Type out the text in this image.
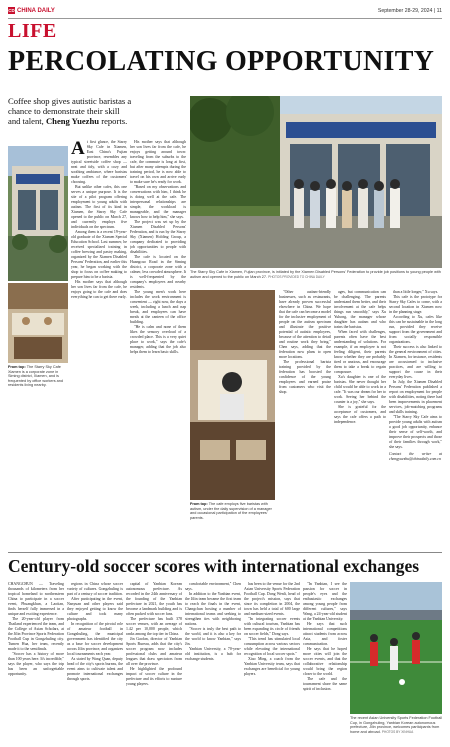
CD CHINA DAILY	September 28-29, 2024 | 11
LIFE
PERCOLATING OPPORTUNITY
Coffee shop gives autistic baristas a chance to demonstrate their skill and talent, Cheng Yuezhu reports.
From top: The Starry Sky Cafe Xiamen is a corporate zone in Siming district, Xiamen, and is frequented by office workers and residents living nearby.

At first glance, the Starry Sky Cafe in Xiamen, East China's Fujian province, resembles any typical streetside coffee shop — neat and tidy, with a cozy and soothing ambiance, where baristas make coffees of the customers' choosing.

But unlike other cafes, this one serves a unique purpose. It is the site of a pilot program offering employment to young adults with autism. The first of its kind in Xiamen, the Starry Sky Cafe opened to the public on March 27, and currently employs five individuals on the spectrum.

Among them is a recent 19-year-old graduate of the Xiamen Special Education School. Last summer, he received specialized training in coffee brewing and pastry making, organized by the Xiamen Disabled Persons' Federation, and earlier this year, he began working with the shop to focus on coffee making to prepare him to be a barista.

His mother says that although her son lives far from the cafe, he enjoys going to the cafe and does everything he can to get there early.

His mother says that although her son lives far from the cafe, he enjoys getting around town: traveling from the suburbs to the cafe, the commute is long at first, but after many attempts during the training period, he is now able to travel on his own and arrive early to make sure he's ready for work.

"Based on my observations and conversations with him, I think he is doing well at the cafe. The interpersonal relationships are simple, the workload is manageable, and the manager knows how to help him," she says.

The project was set up by the Xiamen Disabled Persons' Federation, and is run by the Starry Sky (Xiamen) Holding Group, a company dedicated to providing job opportunities to people with disabilities.

The cafe is located on the Huangcuo Road in the Siming district, a corporate zone with a calmer, less crowded atmosphere. It is well-frequented by the company's employees and nearby residents.

The young men's work here includes the work environment is convenient — right now, the days a week, including a lunch and nap break, and employees can have meals at the canteen of the office building.

"He is calm and none of them likes the sensory overload of a crowded place. This is a very quiet place to work," says the cafe's manager, adding that the job also helps them to learn basic skills.

The Starry Sky Cafe in Xiamen, Fujian province, is initiated by the Xiamen Disabled Persons' Federation to provide job positions to young people with autism and opened to the public on March 27. PHOTOS PROVIDED TO CHINA DAILY
From top: The cafe employs five baristas with autism, under the daily supervision of a manager and occasional participation of the employees' parents.

"Other autism-friendly businesses, such as restaurants, have already proven successful elsewhere in China. We hope that the cafe can become a model for the inclusive employment of people on the autism spectrum and illustrate the positive potential of autistic employees, because of the attention to detail and routine work they bring," Chen says, adding that the federation now plans to open more locations.

The professional barista training provided by the federation has boosted the confidence of the young employees and earned praise from customers who visit the shop.

ages, but communication can be challenging. The parents understand them better, and their involvement at the cafe helps things run smoothly," says Xu Yuhong, the manager whose daughter has autism and who trains the baristas.

When faced with challenges, parents often have the best understanding of solutions. For example, if an employee is not feeling diligent, their parents know whether they are probably tired or anxious, and encourage them to take a break to regain composure.

Xu's daughter is one of the baristas. She never thought her child would be able to work in a cafe. "It was our dream for her to work. Seeing her behind the counter is a joy," she says.

She is grateful for the acceptance of customers, and says the cafe offers a path to independence.

than a little longer," Xu says.

This cafe is the prototype for Starry Sky Cafes to come, with a second location in Xiamen now in the planning stage.

According to Xu, cafes like this can be sustainable in the long run, provided they receive support from the government and from socially responsible organizations.

Their success is also linked to the general environment of cities. In Xiamen, for instance, residents are accustomed to inclusive practices, and are willing to support the cause in their everyday lives.

In July, the Xiamen Disabled Persons' Federation published a report on employment for people with disabilities, noting there had been improvements in placement services, job-matching programs and skills training.

"The Starry Sky Cafe aims to provide young adults with autism a good job opportunity, enhance their sense of self-worth, and improve their prospects and those of their families through work," she says.

Contact the writer at chengyuezhu@chinadaily.com.cn

Century-old soccer scores with international exchanges

CHANGCHUN — Traveling thousands of kilometers from her tropical homeland to northeastern China to participate in a soccer event, Phuangkhun, a Laotian, finds herself fully immersed in a unique and exciting experience.

The 20-year-old player from Thailand experienced the team, and the College of Asian Scholars, at the Jilin Province Sports Federation Football Cup in Gongzhuling city. Tumen Hua, her team, recently made it to the semifinals.

"Soccer has a history of more than 100 years here. It's incredible," says the player, who says the trip has been an unforgettable opportunity.

regions in China whose soccer variety of cultures. Gongzhuling is part of a century of soccer tradition.

After participating in the event, Nanyuan and other players said they enjoyed getting to know the culture and took many photographs.

In recognition of the pivotal role of amateur football in Gongzhuling, the municipal government has identified the city as a base for soccer development across Jilin province, and organizes local tournaments each year.

As stated by Wang Quan, deputy head of the city's sports bureau, the event aims to cultivate talent and promote international exchanges through sports.

capital of Yanbian Korean autonomous prefecture. As recorded in the 24th anniversary of the founding of the Yanbian prefecture in 2021, the youth has become a landmark building and is often packed with soccer fans.

The prefecture has built 378 soccer venues, with an average of 1.42 per 10,000 people, which ranks among the top tier in China.

Jin Gaofan, director of Yanbian Sports Bureau, adds that the city's soccer program now includes professional clubs and amateur leagues that draw spectators from all over the province.

He highlighted the profound impact of soccer culture in the prefecture and its efforts to nurture young players.

comfortable environment," Chen says.

In addition to the Yanbian event, the Jilin team became the first team to reach the finals in the event, Changchun hosting a number of international teams and seeking to strengthen ties with neighboring nations.

"Soccer is truly the best path to the world, and it is also a key for the world to know Yanbian," says Jin.

Yanbian University, a 70-year-old institution, is a hub for exchange students.

has been to the venue for the 2nd Asian University Sports Federation Football Cup. Dong Wenli, head of the project's mission, says that since its completion in 2004, the town has held a total of 600 large and medium-sized events.

"In integrating soccer events with cultural tourism, Yanbian has been expanding its circle of friends on soccer fields," Dong says.

"This trend has stimulated local consumption across various sectors while elevating the international recognition of local soccer spots."

Xiao Ming, a coach from the Yanbian University team, says that exchanges are beneficial for young players.

"In Yanbian, I see the passion for soccer in people's eyes and the enthusiastic exchanges among young people from different cultures," says Wang, a 24-year-old student at the Yanbian University.

He says that such international competitions attract students from across Asia, and foster communication.

He says that he hoped more cities will join the soccer events, and that the collaborative relationship would bring the region closer to the world.

The cafe and the tournament share the same spirit of inclusion.

The recent Asian University Sports Federation Football Cup, in Gongzhuling, Yanbian Korean autonomous prefecture, Jilin province, welcomes participants from home and abroad. PHOTOS BY XINHUA
